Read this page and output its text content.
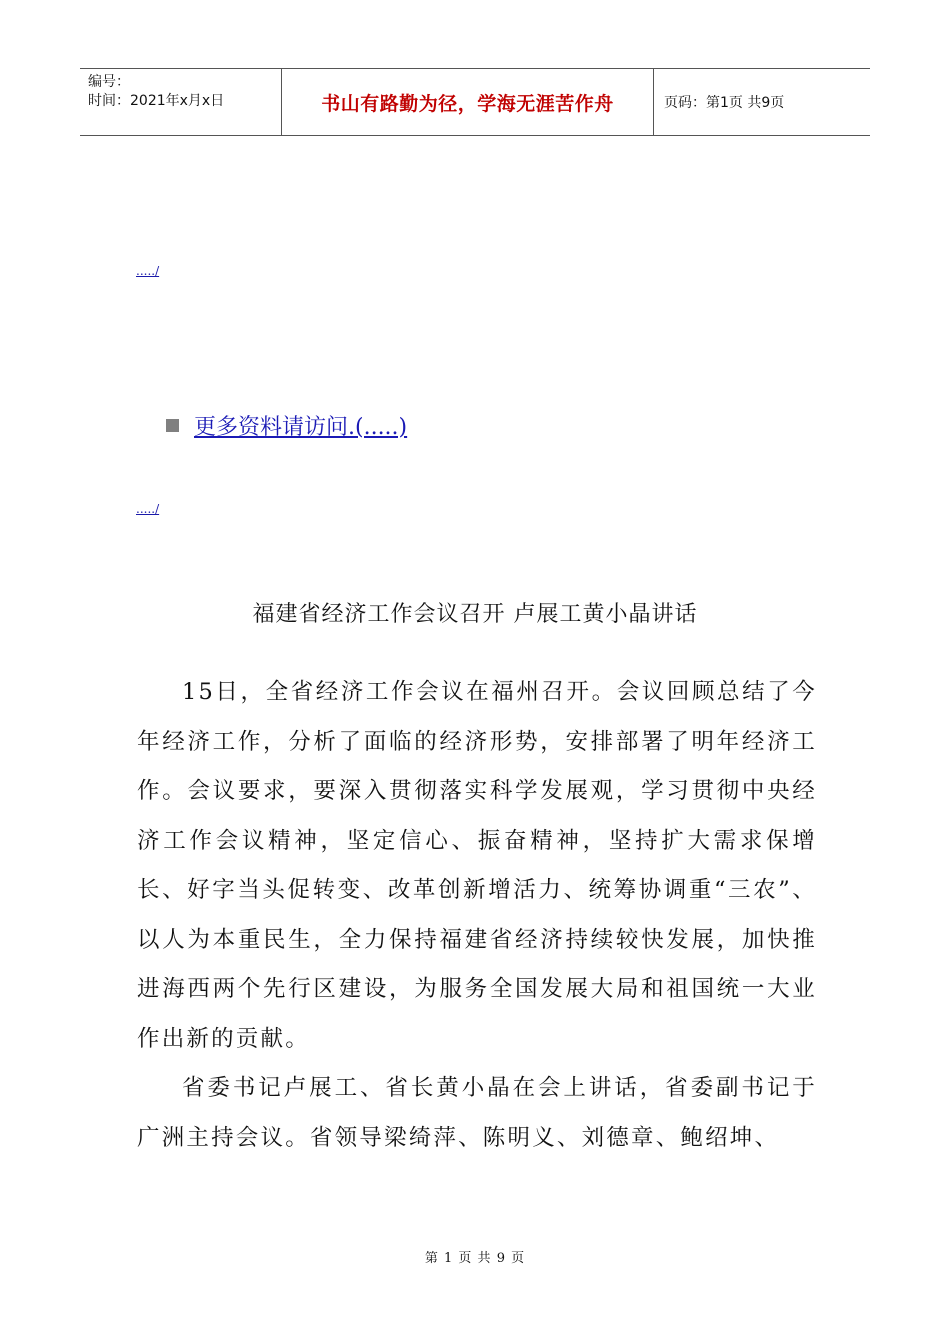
编号：
时间：2021年x月x日	书山有路勤为径，学海无涯苦作舟	页码：第1页 共9页
...../
更多资料请访问.(.....)
...../
福建省经济工作会议召开 卢展工黄小晶讲话

15日，全省经济工作会议在福州召开。会议回顾总结了今年经济工作，分析了面临的经济形势，安排部署了明年经济工作。会议要求，要深入贯彻落实科学发展观，学习贯彻中央经济工作会议精神，坚定信心、振奋精神，坚持扩大需求保增长、好字当头促转变、改革创新增活力、统筹协调重“三农”、以人为本重民生，全力保持福建省经济持续较快发展，加快推进海西两个先行区建设，为服务全国发展大局和祖国统一大业作出新的贡献。

省委书记卢展工、省长黄小晶在会上讲话，省委副书记于广洲主持会议。省领导梁绮萍、陈明义、刘德章、鲍绍坤、

第 1 页 共 9 页
